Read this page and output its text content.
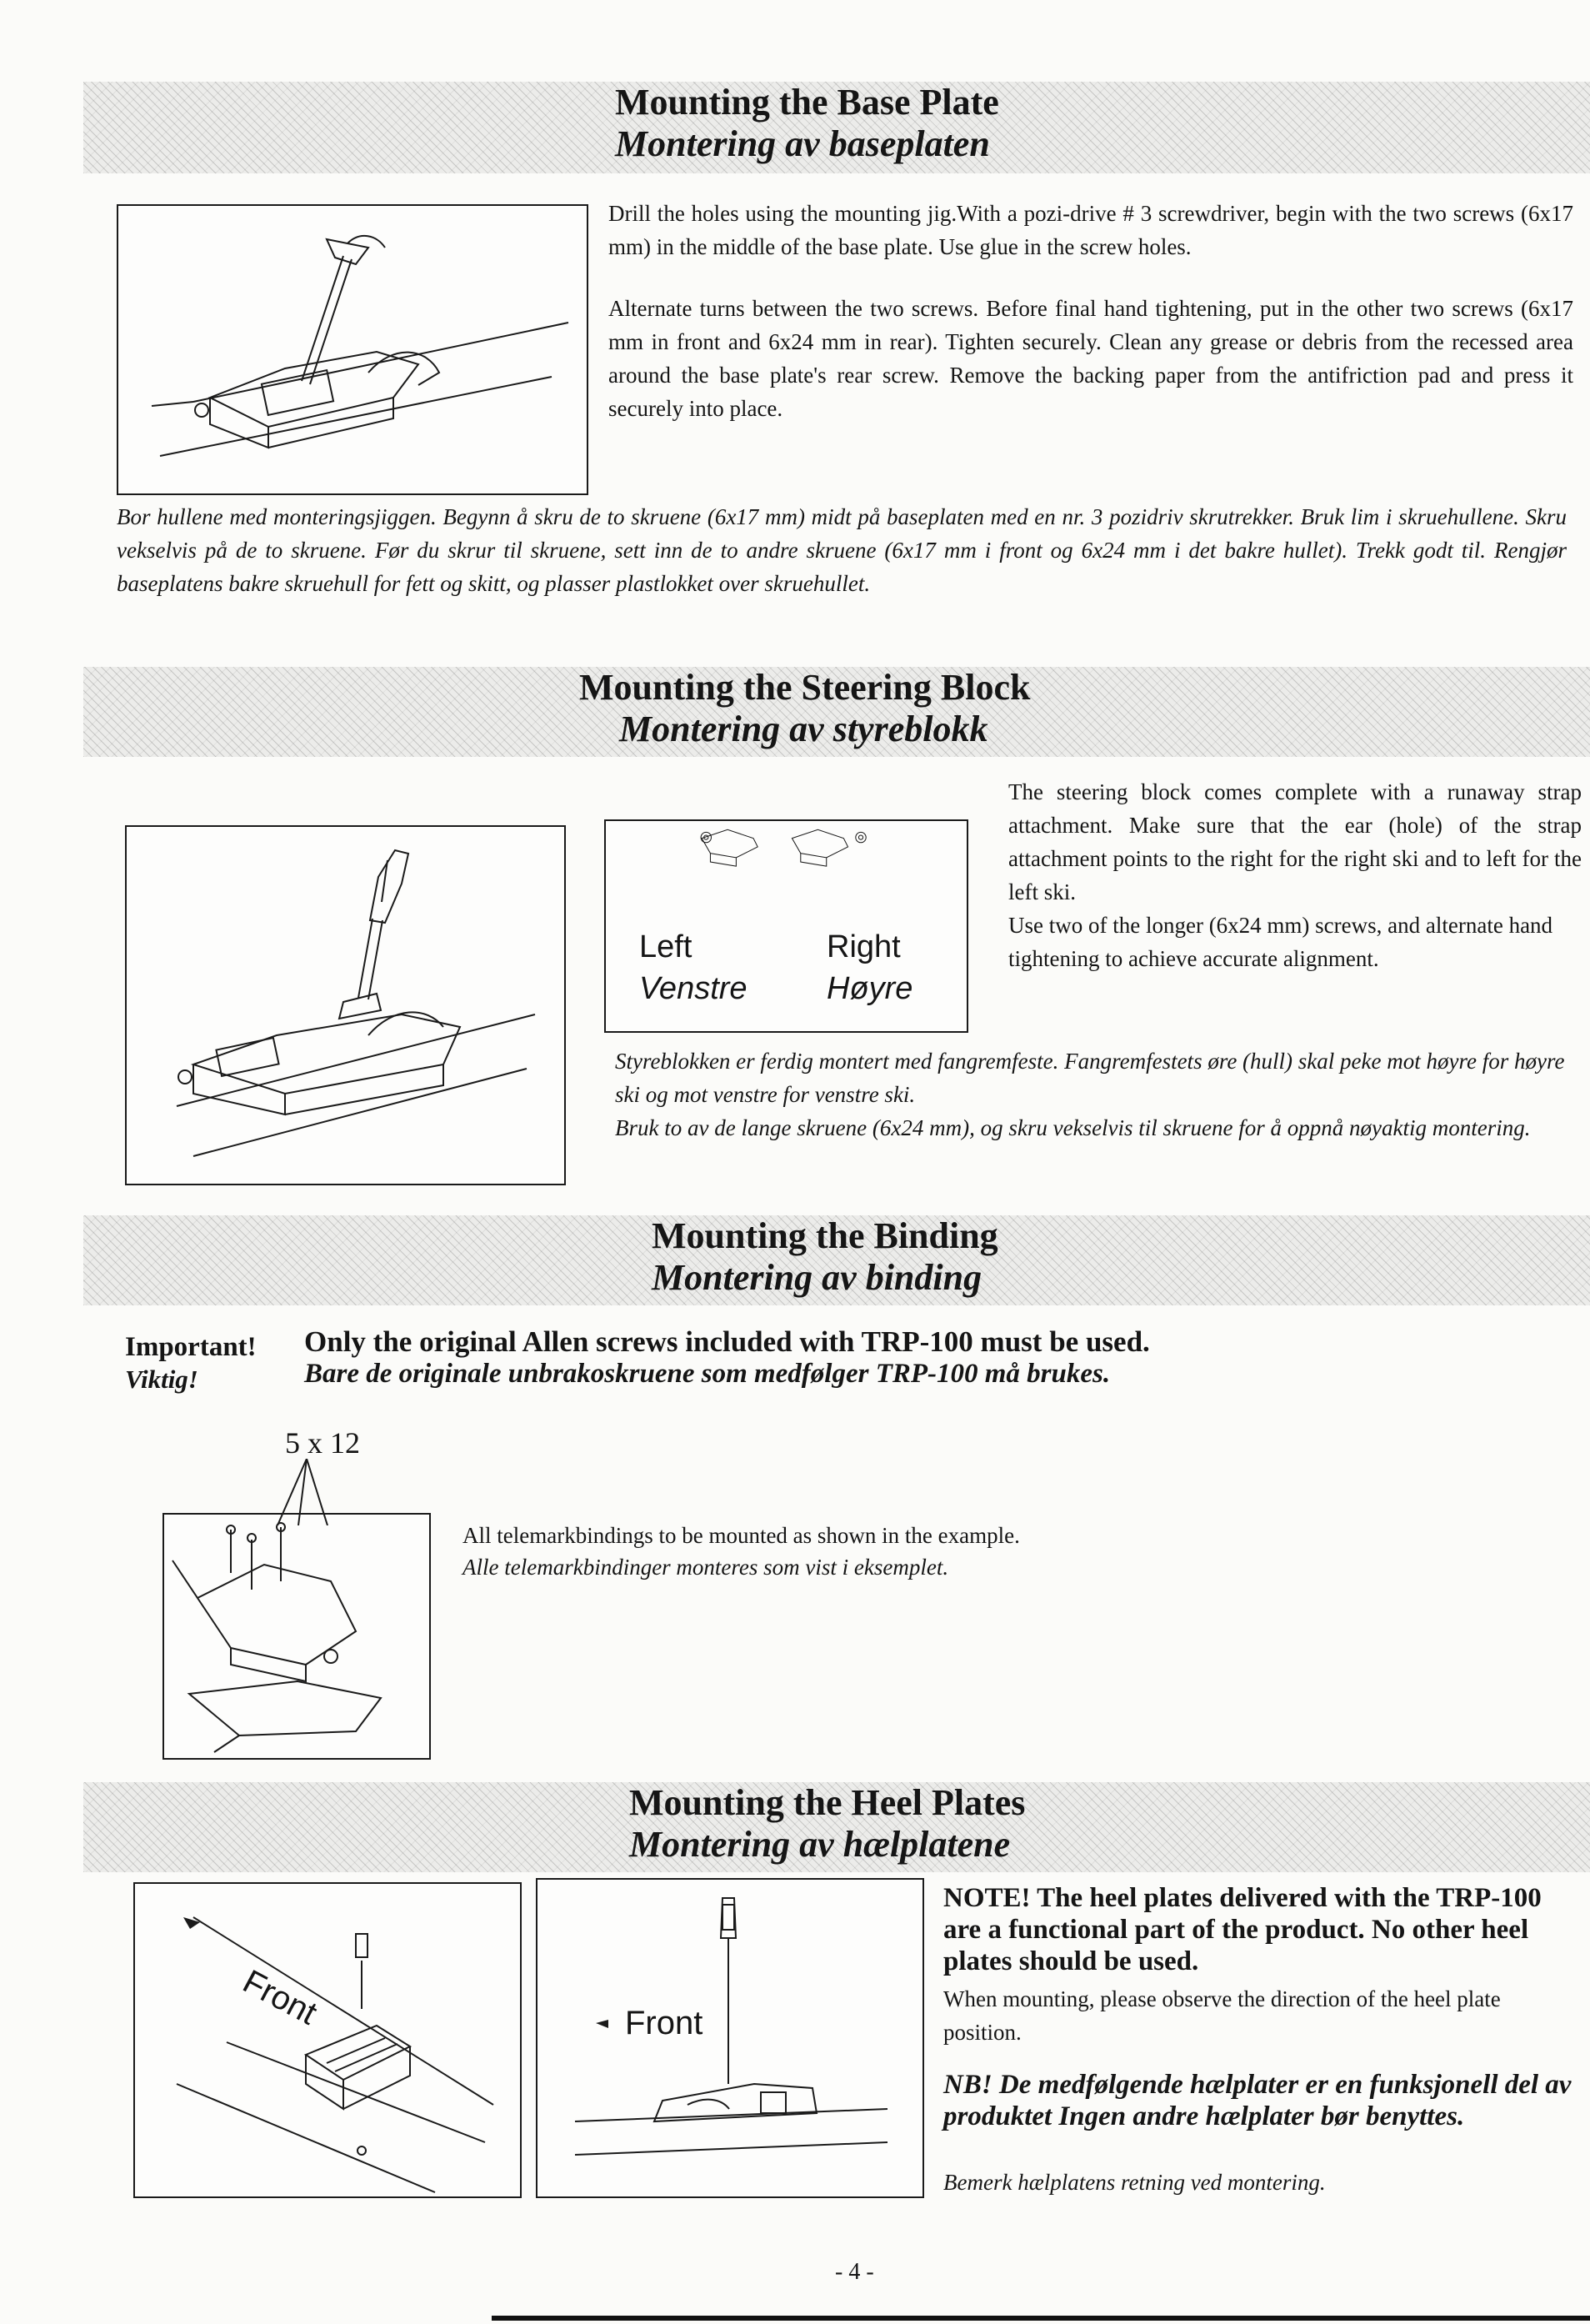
Mounting the Base Plate
Montering av baseplaten
Drill the holes using the mounting jig.With a pozi-drive # 3 screwdriver, begin with the two screws (6x17 mm) in the middle of the base plate. Use glue in the screw holes.
Alternate turns between the two screws. Before final hand tightening, put in the other two screws (6x17 mm in front and 6x24 mm in rear). Tighten securely. Clean any grease or debris from the recessed area around the base plate's rear screw. Remove the backing paper from the antifriction pad and press it securely into place.
Bor hullene med monteringsjiggen. Begynn å skru de to skruene (6x17 mm) midt på baseplaten med en nr. 3 pozidriv skrutrekker. Bruk lim i skruehullene. Skru vekselvis på de to skruene. Før du skrur til skruene, sett inn de to andre skruene (6x17 mm i front og 6x24 mm i det bakre hullet). Trekk godt til. Rengjør baseplatens bakre skruehull for fett og skitt, og plasser plastlokket over skruehullet.
Mounting the Steering Block
Montering av styreblokk
Left	Right
Venstre	Høyre
The steering block comes complete with a runaway strap attachment. Make sure that the ear (hole) of the strap attachment points to the right for the right ski and to left for the left ski.
Use two of the longer (6x24 mm) screws, and alternate hand tightening to achieve accurate alignment.
Styreblokken er ferdig montert med fangremfeste. Fangremfestets øre (hull) skal peke mot høyre for høyre ski og mot venstre for venstre ski.
Bruk to av de lange skruene (6x24 mm), og skru vekselvis til skruene for å oppnå nøyaktig montering.
Mounting the Binding
Montering av binding
Important! Only the original Allen screws included with TRP-100 must be used.
Viktig!	Bare de originale unbrakoskruene som medfølger TRP-100 må brukes.
5 x 12
All telemarkbindings to be mounted as shown in the example.
Alle telemarkbindinger monteres som vist i eksemplet.
Mounting the Heel Plates
Montering av hælplatene
Front	Front
NOTE! The heel plates delivered with the TRP-100 are a functional part of the product. No other heel plates should be used.
When mounting, please observe the direction of the heel plate position.
NB! De medfølgende hælplater er en funksjonell del av produktet Ingen andre hælplater bør benyttes.
Bemerk hælplatens retning ved montering.
- 4 -
